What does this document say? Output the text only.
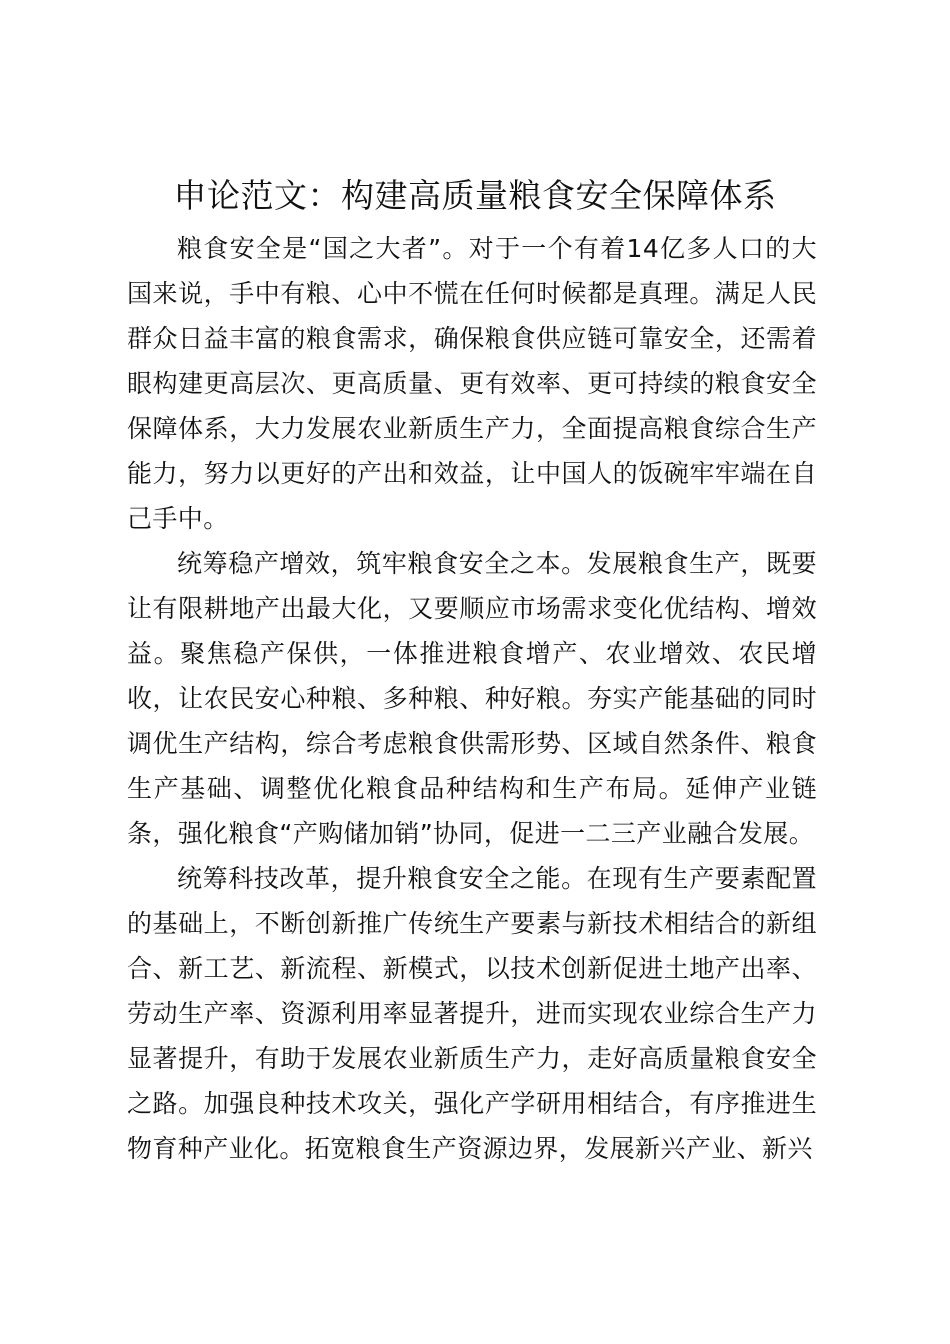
申论范文：构建高质量粮食安全保障体系

粮食安全是“国之大者”。对于一个有着14亿多人口的大国来说，手中有粮、心中不慌在任何时候都是真理。满足人民群众日益丰富的粮食需求，确保粮食供应链可靠安全，还需着眼构建更高层次、更高质量、更有效率、更可持续的粮食安全保障体系，大力发展农业新质生产力，全面提高粮食综合生产能力，努力以更好的产出和效益，让中国人的饭碗牢牢端在自己手中。

统筹稳产增效，筑牢粮食安全之本。发展粮食生产，既要让有限耕地产出最大化，又要顺应市场需求变化优结构、增效益。聚焦稳产保供，一体推进粮食增产、农业增效、农民增收，让农民安心种粮、多种粮、种好粮。夯实产能基础的同时调优生产结构，综合考虑粮食供需形势、区域自然条件、粮食生产基础、调整优化粮食品种结构和生产布局。延伸产业链条，强化粮食“产购储加销”协同，促进一二三产业融合发展。

统筹科技改革，提升粮食安全之能。在现有生产要素配置的基础上，不断创新推广传统生产要素与新技术相结合的新组合、新工艺、新流程、新模式，以技术创新促进土地产出率、劳动生产率、资源利用率显著提升，进而实现农业综合生产力显著提升，有助于发展农业新质生产力，走好高质量粮食安全之路。加强良种技术攻关，强化产学研用相结合，有序推进生物育种产业化。拓宽粮食生产资源边界，发展新兴产业、新兴
